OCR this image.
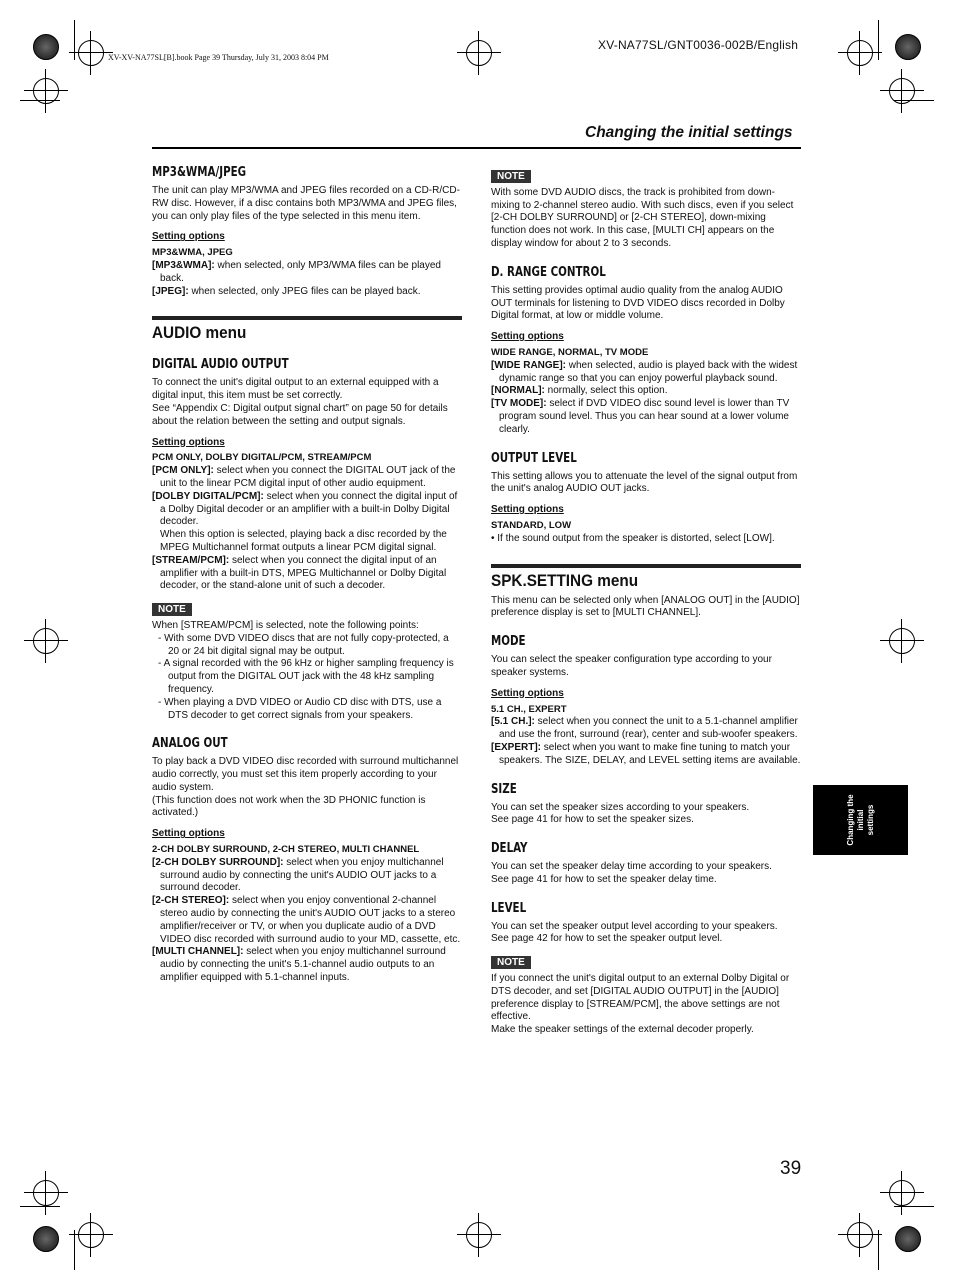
XV-NA77SL/GNT0036-002B/English
XV-XV-NA77SL[B].book Page 39 Thursday, July 31, 2003 8:04 PM
Changing the initial settings

MP3&WMA/JPEG

The unit can play MP3/WMA and JPEG files recorded on a CD-R/CD-RW disc. However, if a disc contains both MP3/WMA and JPEG files, you can only play files of the type selected in this menu item.

Setting options

MP3&WMA, JPEG

[MP3&WMA]: when selected, only MP3/WMA files can be played back.

[JPEG]: when selected, only JPEG files can be played back.

AUDIO menu

DIGITAL AUDIO OUTPUT

To connect the unit's digital output to an external equipped with a digital input, this item must be set correctly.

See “Appendix C: Digital output signal chart” on page 50 for details about the relation between the setting and output signals.

Setting options

PCM ONLY, DOLBY DIGITAL/PCM, STREAM/PCM

[PCM ONLY]: select when you connect the DIGITAL OUT jack of the unit to the linear PCM digital input of other audio equipment.

[DOLBY DIGITAL/PCM]: select when you connect the digital input of a Dolby Digital decoder or an amplifier with a built-in Dolby Digital decoder.

When this option is selected, playing back a disc recorded by the MPEG Multichannel format outputs a linear PCM digital signal.

[STREAM/PCM]: select when you connect the digital input of an amplifier with a built-in DTS, MPEG Multichannel or Dolby Digital decoder, or the stand-alone unit of such a decoder.

NOTE

When [STREAM/PCM] is selected, note the following points:

- With some DVD VIDEO discs that are not fully copy-protected, a 20 or 24 bit digital signal may be output.

- A signal recorded with the 96 kHz or higher sampling frequency is output from the DIGITAL OUT jack with the 48 kHz sampling frequency.

- When playing a DVD VIDEO or Audio CD disc with DTS, use a DTS decoder to get correct signals from your speakers.

ANALOG OUT

To play back a DVD VIDEO disc recorded with surround multichannel audio correctly, you must set this item properly according to your audio system.

(This function does not work when the 3D PHONIC function is activated.)

Setting options

2-CH DOLBY SURROUND, 2-CH STEREO, MULTI CHANNEL

[2-CH DOLBY SURROUND]: select when you enjoy multichannel surround audio by connecting the unit's AUDIO OUT jacks to a surround decoder.

[2-CH STEREO]: select when you enjoy conventional 2-channel stereo audio by connecting the unit's AUDIO OUT jacks to a stereo amplifier/receiver or TV, or when you duplicate audio of a DVD VIDEO disc recorded with surround audio to your MD, cassette, etc.

[MULTI CHANNEL]: select when you enjoy multichannel surround audio by connecting the unit's 5.1-channel audio outputs to an amplifier equipped with 5.1-channel inputs.

NOTE

With some DVD AUDIO discs, the track is prohibited from down-mixing to 2-channel stereo audio. With such discs, even if you select [2-CH DOLBY SURROUND] or [2-CH STEREO], down-mixing function does not work. In this case, [MULTI CH] appears on the display window for about 2 to 3 seconds.

D. RANGE CONTROL

This setting provides optimal audio quality from the analog AUDIO OUT terminals for listening to DVD VIDEO discs recorded in Dolby Digital format, at low or middle volume.

Setting options

WIDE RANGE, NORMAL, TV MODE

[WIDE RANGE]: when selected, audio is played back with the widest dynamic range so that you can enjoy powerful playback sound.

[NORMAL]: normally, select this option.

[TV MODE]: select if DVD VIDEO disc sound level is lower than TV program sound level. Thus you can hear sound at a lower volume clearly.

OUTPUT LEVEL

This setting allows you to attenuate the level of the signal output from the unit's analog AUDIO OUT jacks.

Setting options

STANDARD, LOW

• If the sound output from the speaker is distorted, select [LOW].

SPK.SETTING menu

This menu can be selected only when [ANALOG OUT] in the [AUDIO] preference display is set to [MULTI CHANNEL].

MODE

You can select the speaker configuration type according to your speaker systems.

Setting options

5.1 CH., EXPERT

[5.1 CH.]: select when you connect the unit to a 5.1-channel amplifier and use the front, surround (rear), center and sub-woofer speakers.

[EXPERT]: select when you want to make fine tuning to match your speakers. The SIZE, DELAY, and LEVEL setting items are available.

SIZE

You can set the speaker sizes according to your speakers.

See page 41 for how to set the speaker sizes.

DELAY

You can set the speaker delay time according to your speakers.

See page 41 for how to set the speaker delay time.

LEVEL

You can set the speaker output level according to your speakers.

See page 42 for how to set the speaker output level.

NOTE

If you connect the unit's digital output to an external Dolby Digital or DTS decoder, and set [DIGITAL AUDIO OUTPUT] in the [AUDIO] preference display to [STREAM/PCM], the above settings are not effective.

Make the speaker settings of the external decoder properly.

Changing the
initial
settings
39
